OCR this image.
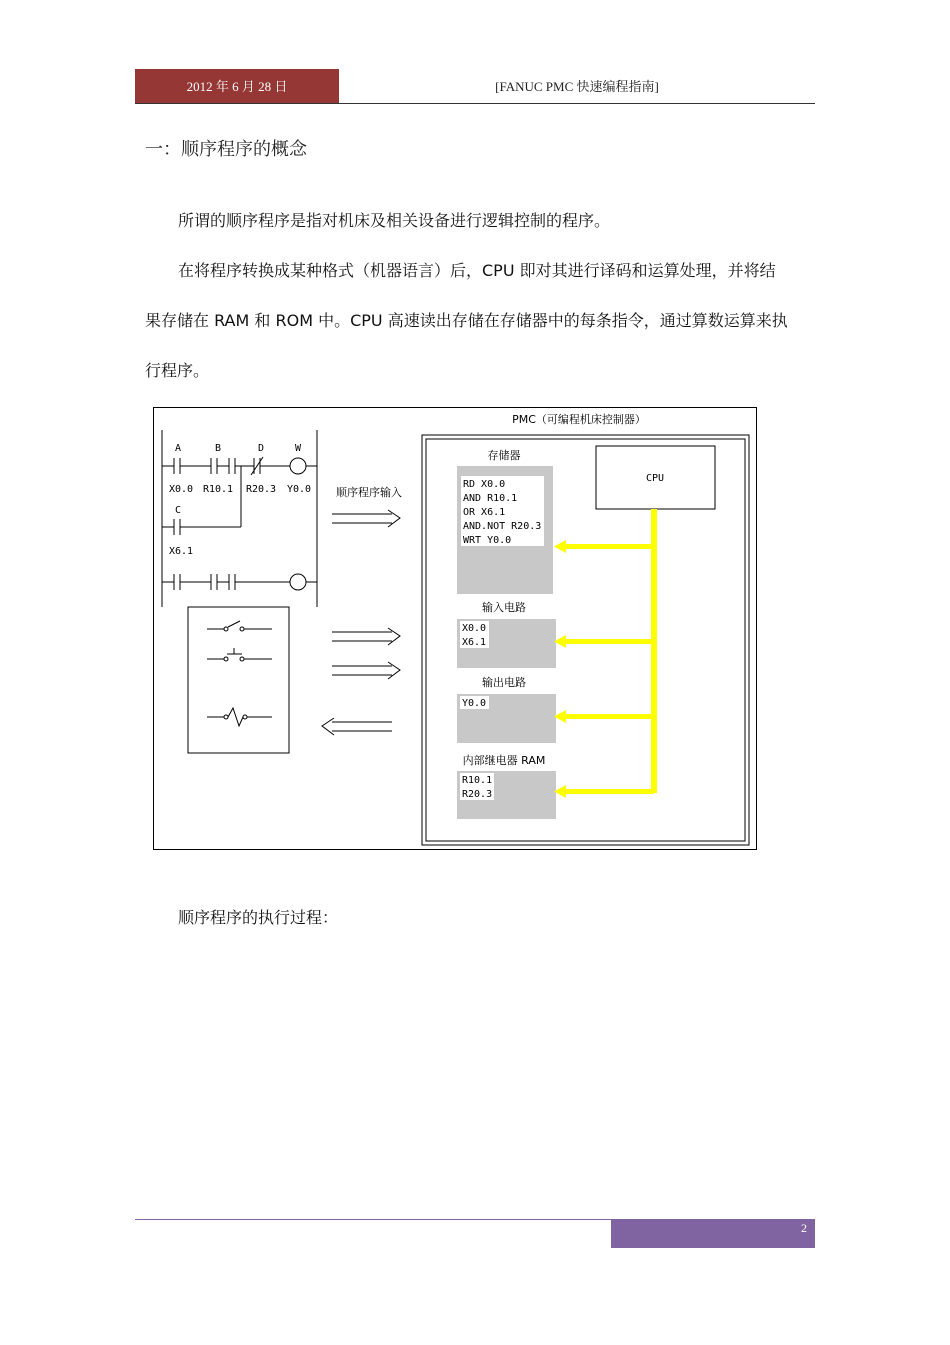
2012 年 6 月 28 日	[FANUC PMC 快速编程指南]
一：顺序程序的概念
所谓的顺序程序是指对机床及相关设备进行逻辑控制的程序。
在将程序转换成某种格式（机器语言）后，CPU 即对其进行译码和运算处理，并将结
果存储在 RAM 和 ROM 中。CPU 高速读出存储在存储器中的每条指令，通过算数运算来执
行程序。
PMC（可编程机床控制器）
A	B	D	W
X0.0 R10.1 R20.3 Y0.0
C
X6.1
顺序程序输入
存储器
RD X0.0
AND R10.1
OR X6.1
AND.NOT R20.3
WRT Y0.0
CPU
输入电路
X0.0
X6.1
输出电路
Y0.0
内部继电器 RAM
R10.1
R20.3
顺序程序的执行过程：
2
